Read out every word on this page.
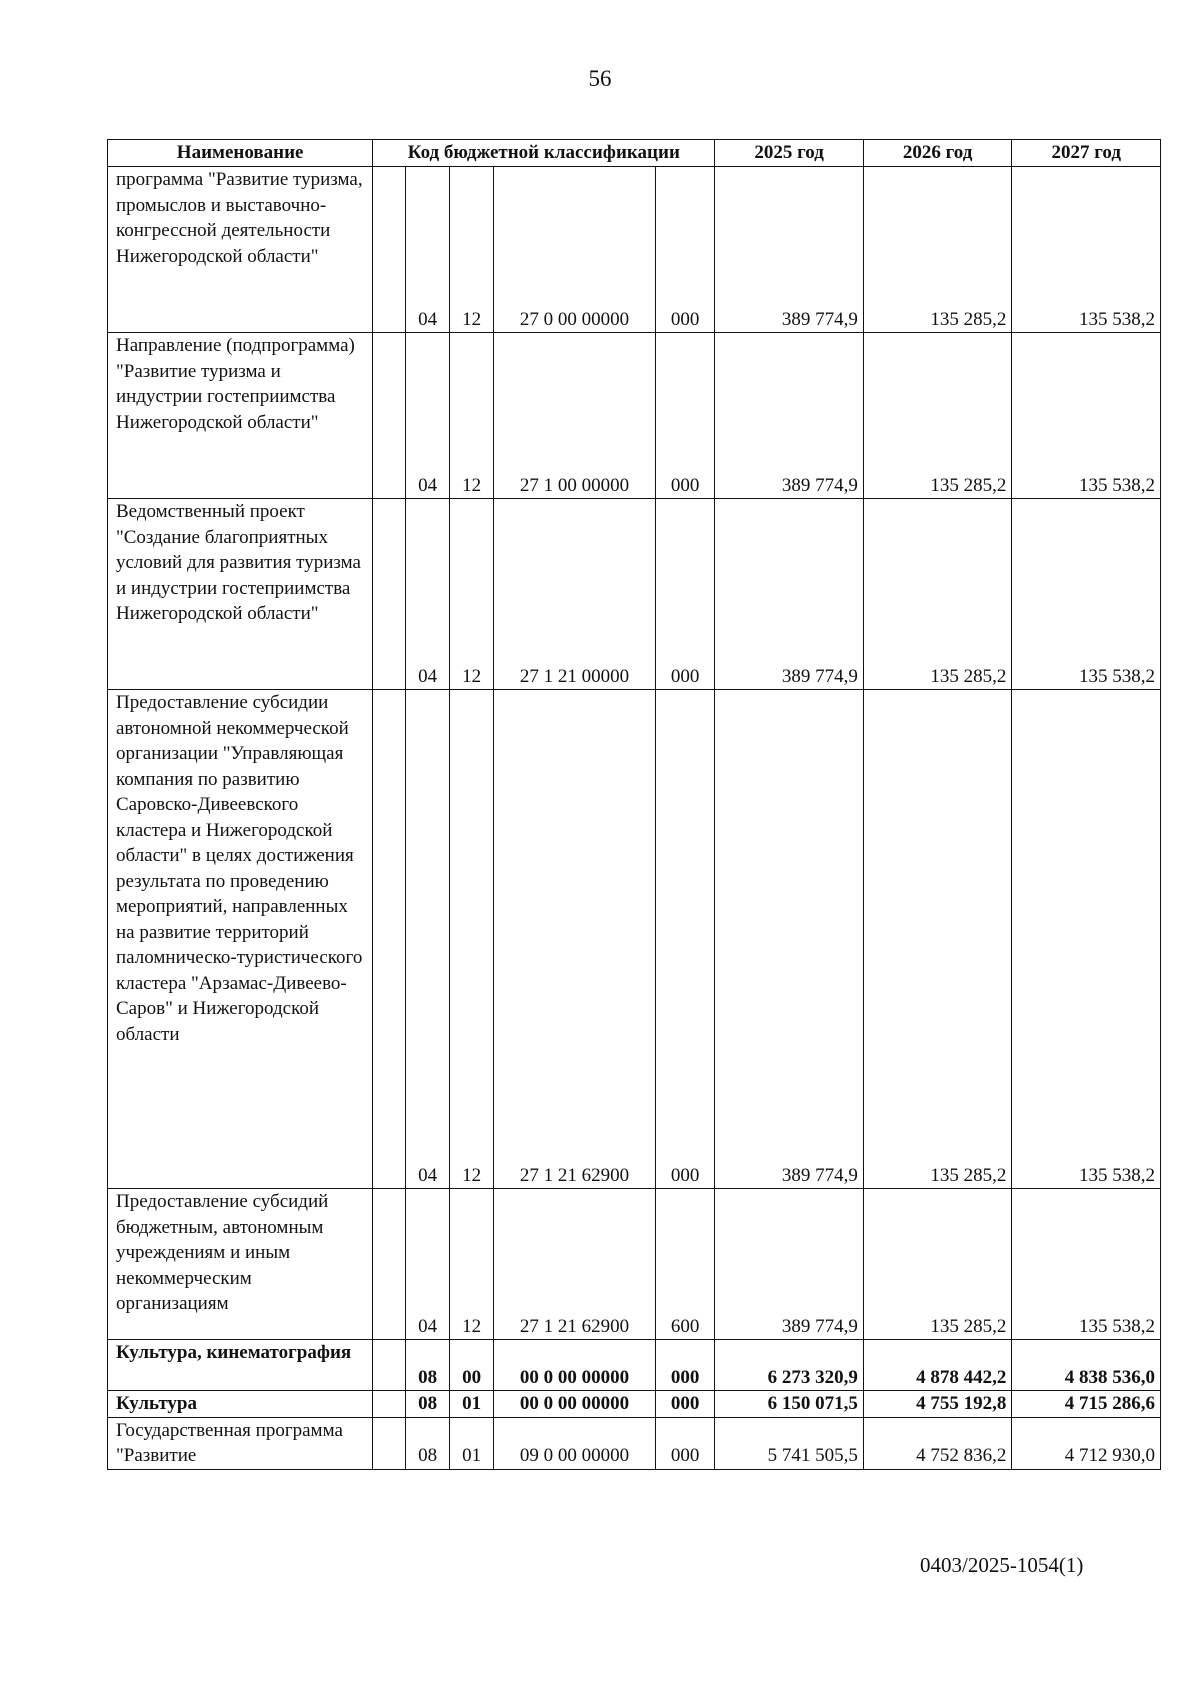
56
Наименование	Код бюджетной классификации					2025 год	2026 год	2027 год
программа "Развитие туризма, промыслов и выставочно-конгрессной деятельности Нижегородской области"		04	12	27 0 00 00000	000	389 774,9	135 285,2	135 538,2
Направление (подпрограмма) "Развитие туризма и индустрии гостеприимства Нижегородской области"		04	12	27 1 00 00000	000	389 774,9	135 285,2	135 538,2
Ведомственный проект "Создание благоприятных условий для развития туризма и индустрии гостеприимства Нижегородской области"		04	12	27 1 21 00000	000	389 774,9	135 285,2	135 538,2
Предоставление субсидии автономной некоммерческой организации "Управляющая компания по развитию Саровско-Дивеевского кластера и Нижегородской области" в целях достижения результата по проведению мероприятий, направленных на развитие территорий паломническо-туристического кластера "Арзамас-Дивеево-Саров" и Нижегородской области		04	12	27 1 21 62900	000	389 774,9	135 285,2	135 538,2
Предоставление субсидий бюджетным, автономным учреждениям и иным некоммерческим организациям		04	12	27 1 21 62900	600	389 774,9	135 285,2	135 538,2
Культура, кинематография		08	00	00 0 00 00000	000	6 273 320,9	4 878 442,2	4 838 536,0
Культура		08	01	00 0 00 00000	000	6 150 071,5	4 755 192,8	4 715 286,6
Государственная программа "Развитие		08	01	09 0 00 00000	000	5 741 505,5	4 752 836,2	4 712 930,0
0403/2025-1054(1)
